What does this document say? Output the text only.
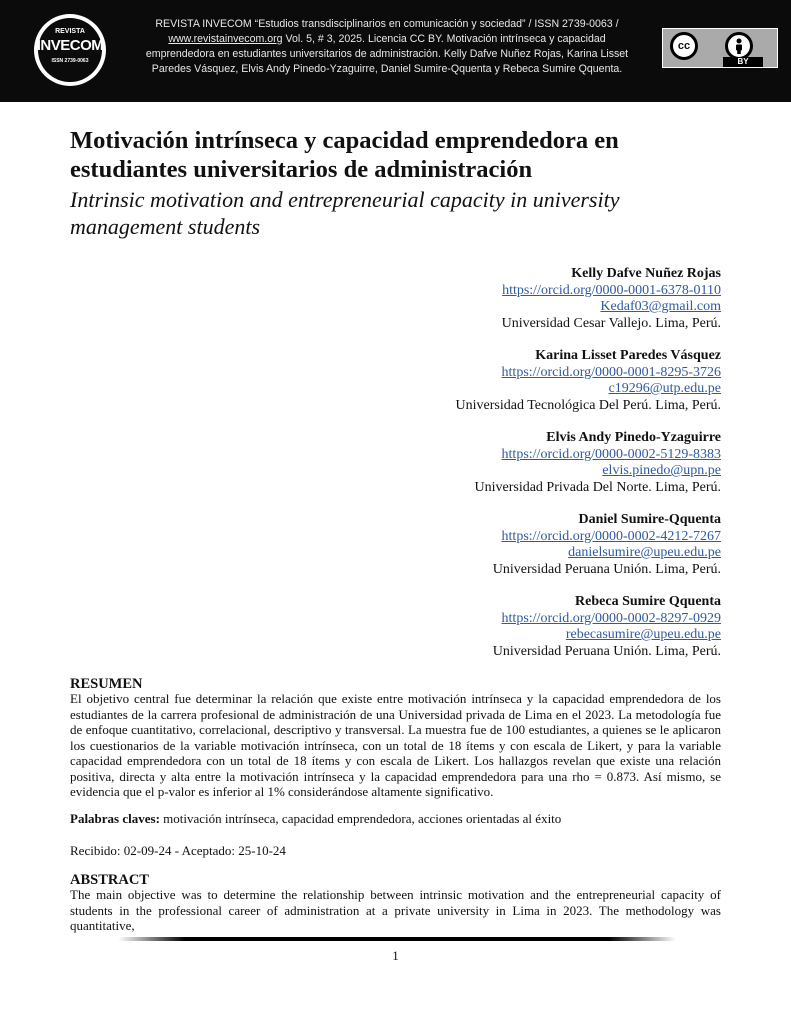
REVISTA
INVECOM
ISSN 2739-0063
REVISTA INVECOM “Estudios transdisciplinarios en comunicación y sociedad” / ISSN 2739-0063 /
www.revistainvecom.org Vol. 5, # 3, 2025. Licencia CC BY. Motivación intrínseca y capacidad
emprendedora en estudiantes universitarios de administración. Kelly Dafve Nuñez Rojas, Karina Lisset
Paredes Vásquez, Elvis Andy Pinedo-Yzaguirre, Daniel Sumire-Qquenta y Rebeca Sumire Qquenta.
cc
BY
Motivación intrínseca y capacidad emprendedora en estudiantes universitarios de administración
Intrinsic motivation and entrepreneurial capacity in university management students
Kelly Dafve Nuñez Rojas
https://orcid.org/0000-0001-6378-0110
Kedaf03@gmail.com
Universidad Cesar Vallejo. Lima, Perú.
Karina Lisset Paredes Vásquez
https://orcid.org/0000-0001-8295-3726
c19296@utp.edu.pe
Universidad Tecnológica Del Perú. Lima, Perú.
Elvis Andy Pinedo-Yzaguirre
https://orcid.org/0000-0002-5129-8383
elvis.pinedo@upn.pe
Universidad Privada Del Norte. Lima, Perú.
Daniel Sumire-Qquenta
https://orcid.org/0000-0002-4212-7267
danielsumire@upeu.edu.pe
Universidad Peruana Unión. Lima, Perú.
Rebeca Sumire Qquenta
https://orcid.org/0000-0002-8297-0929
rebecasumire@upeu.edu.pe
Universidad Peruana Unión. Lima, Perú.
RESUMEN
El objetivo central fue determinar la relación que existe entre motivación intrínseca y la capacidad emprendedora de los estudiantes de la carrera profesional de administración de una Universidad privada de Lima en el 2023. La metodología fue de enfoque cuantitativo, correlacional, descriptivo y transversal. La muestra fue de 100 estudiantes, a quienes se le aplicaron los cuestionarios de la variable motivación intrínseca, con un total de 18 ítems y con escala de Likert, y para la variable capacidad emprendedora con un total de 18 ítems y con escala de Likert. Los hallazgos revelan que existe una relación positiva, directa y alta entre la motivación intrínseca y la capacidad emprendedora para una rho = 0.873. Así mismo, se evidencia que el p-valor es inferior al 1% considerándose altamente significativo.
Palabras claves: motivación intrínseca, capacidad emprendedora, acciones orientadas al éxito
Recibido: 02-09-24 - Aceptado: 25-10-24
ABSTRACT
The main objective was to determine the relationship between intrinsic motivation and the entrepreneurial capacity of students in the professional career of administration at a private university in Lima in 2023. The methodology was quantitative,
1
